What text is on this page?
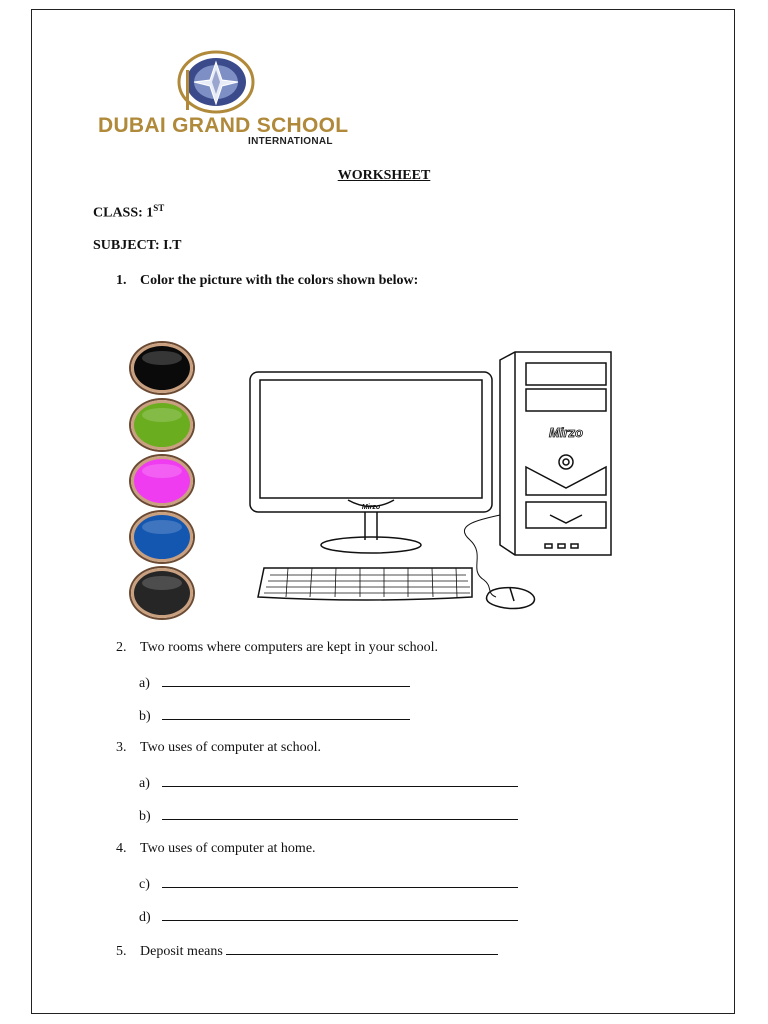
DUBAI GRAND SCHOOL
INTERNATIONAL
WORKSHEET
CLASS: 1ST
SUBJECT: I.T
1. Color the picture with the colors shown below:
Mirzo
Mirzo
2. Two rooms where computers are kept in your school.
a)
b)
3. Two uses of computer at school.
a)
b)
4. Two uses of computer at home.
c)
d)
5. Deposit means
